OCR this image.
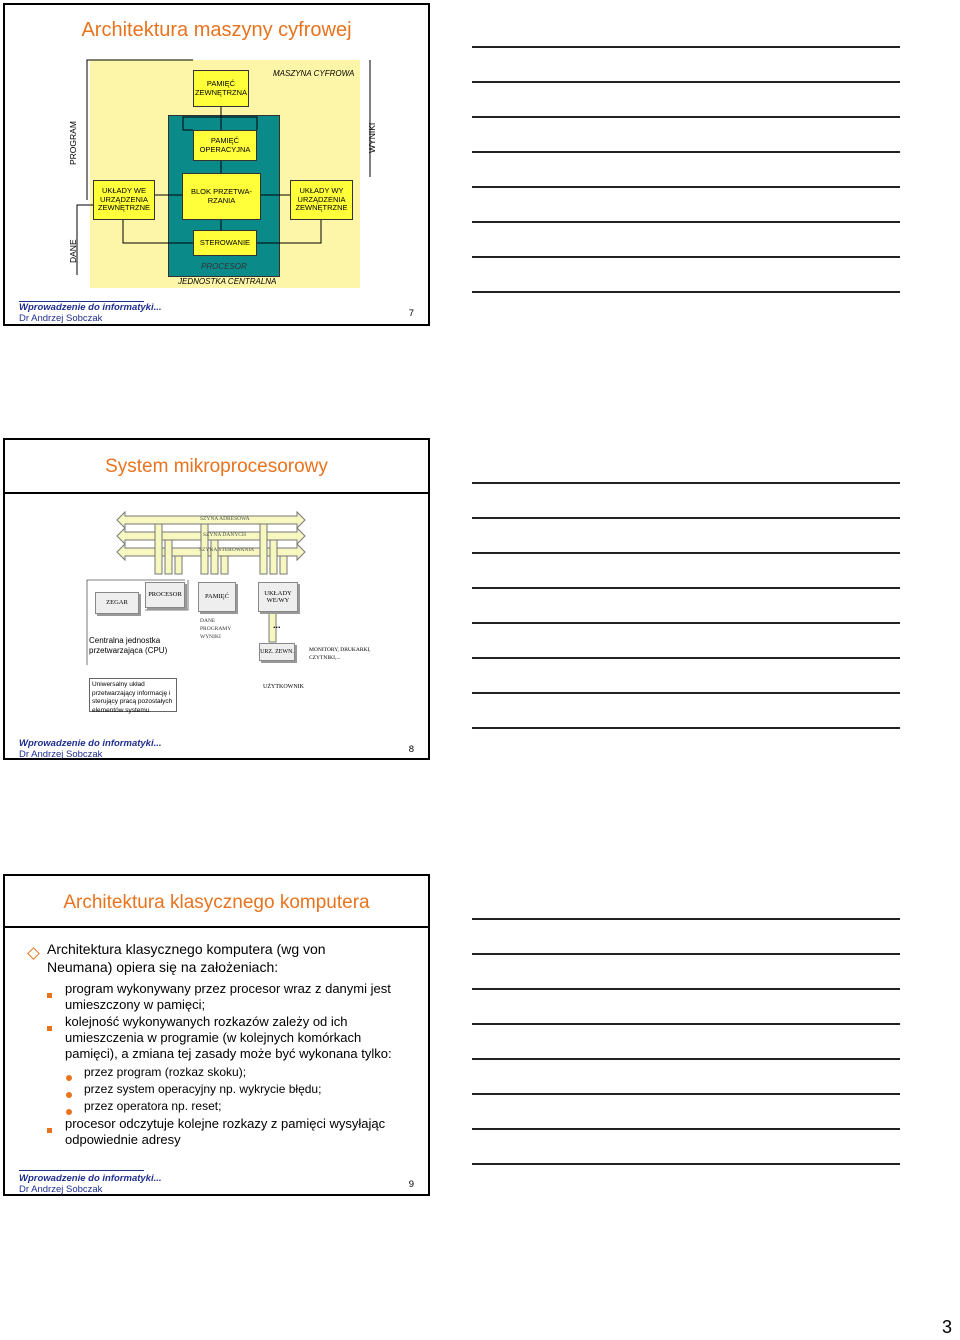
Architektura maszyny cyfrowej
MASZYNA CYFROWA
PAMIĘĆ ZEWNĘTRZNA
PAMIĘĆ OPERACYJNA
UKŁADY WE URZĄDZENIA ZEWNĘTRZNE
BLOK PRZETWA-RZANIA
UKŁADY WY URZĄDZENIA ZEWNĘTRZNE
STEROWANIE
PROCESOR
JEDNOSTKA CENTRALNA
PROGRAM	WYNIKI
DANE
Wprowadzenie do informatyki...
Dr Andrzej Sobczak	7
System mikroprocesorowy
SZYNA ADRESOWA
SZYNA DANYCH
SZYNA STEROWANIA
ZEGAR
PROCESOR	PAMIĘĆ
UKŁADY WE/WY
Centralna jednostka przetwarzająca (CPU)
DANE PROGRAMY WYNIKI
...
URZ. ZEWN.	MONITORY, DRUKARKI, CZYTNIKI,...
UŻYTKOWNIK
Uniwersalny układ przetwarzający informację i sterujący pracą pozostałych elementów systemu
Wprowadzenie do informatyki...
Dr Andrzej Sobczak	8
Architektura klasycznego komputera
Architektura klasycznego komputera (wg von Neumana) opiera się na założeniach:
program wykonywany przez procesor wraz z danymi jest umieszczony w pamięci;
kolejność wykonywanych rozkazów zależy od ich umieszczenia w programie (w kolejnych komórkach pamięci), a zmiana tej zasady może być wykonana tylko:
przez program (rozkaz skoku);
przez system operacyjny np. wykrycie błędu;
przez operatora np. reset;
procesor odczytuje kolejne rozkazy z pamięci wysyłając odpowiednie adresy
Wprowadzenie do informatyki...
Dr Andrzej Sobczak	9
3
